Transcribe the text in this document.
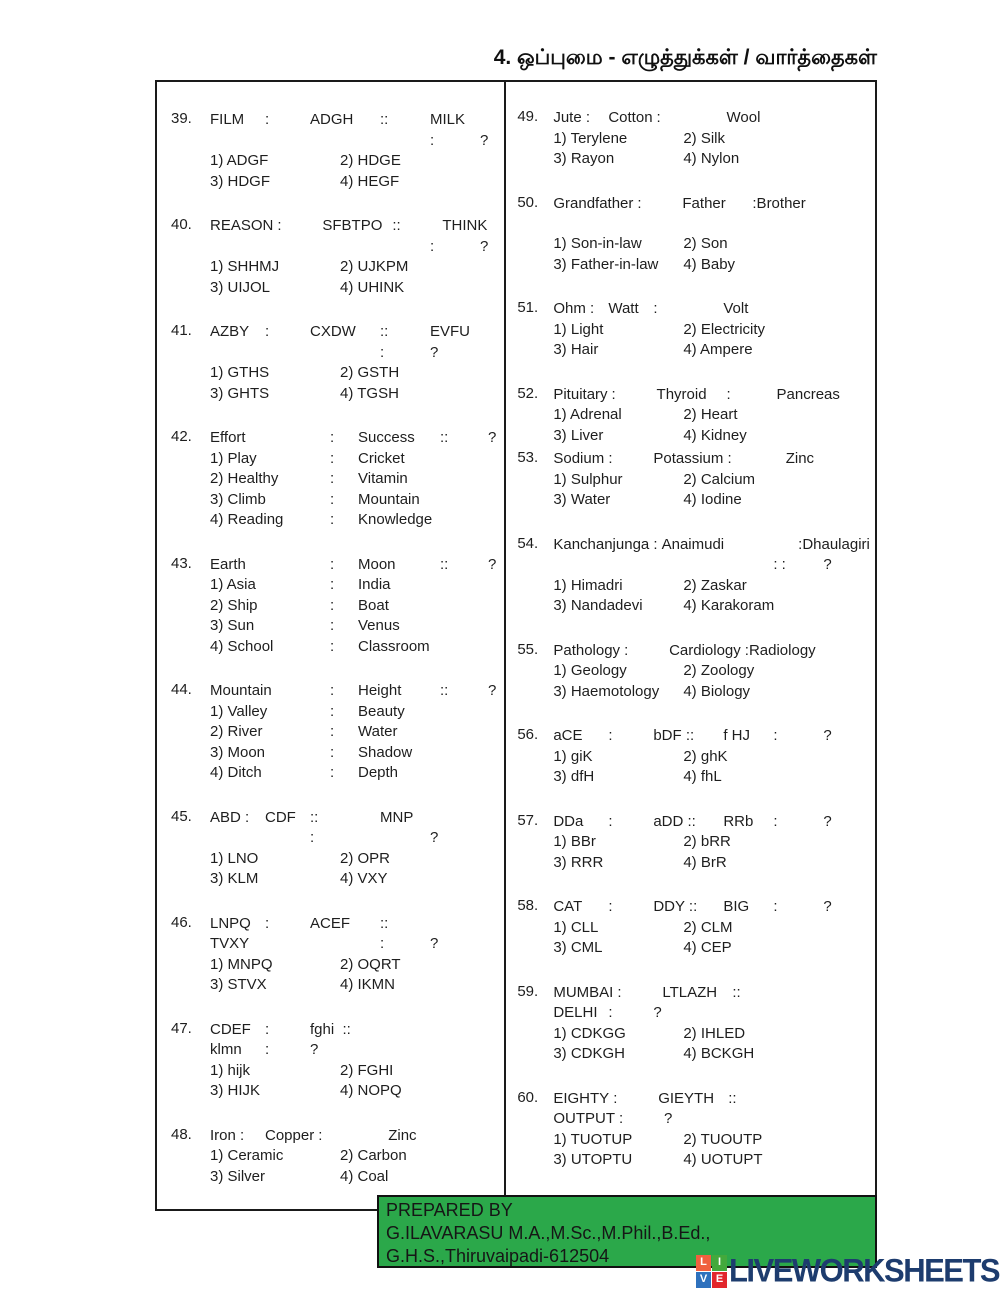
4. ஒப்புமை - எழுத்துக்கள் / வார்த்தைகள்
39.	FILM :	ADGH ::	MILK
:	?
1) ADGF	2) HDGE
3) HDGF	4) HEGF
40.	REASON :	SFBTPO ::	THINK
:	?
1) SHHMJ	2) UJKPM
3) UIJOL	4) UHINK
41.	AZBY :	CXDW ::	EVFU
:	?
1) GTHS	2) GSTH
3) GHTS	4) TGSH
42.	Effort	: Success ::	?
1) Play	: Cricket
2) Healthy	: Vitamin
3) Climb	: Mountain
4) Reading	: Knowledge
43.	Earth	: Moon	::	?
1) Asia	: India
2) Ship	: Boat
3) Sun	: Venus
4) School	: Classroom
44.	Mountain	: Height	::	?
1) Valley	: Beauty
2) River	: Water
3) Moon	: Shadow
4) Ditch	: Depth
45.	ABD : CDF ::	MNP
:	?
1) LNO	2) OPR
3) KLM	4) VXY
46.	LNPQ :	ACEF ::
TVXY	:	?
1) MNPQ	2) OQRT
3) STVX	4) IKMN
47.	CDEF :	fghi  ::
klmn :	?
1) hijk	2) FGHI
3) HIJK	4) NOPQ
48.	Iron : Copper :	Zinc
1) Ceramic	2) Carbon
3) Silver	4) Coal
49.	Jute : Cotton :	Wool
1) Terylene	2) Silk
3) Rayon	4) Nylon
50.	Grandfather :	Father :Brother
1) Son-in-law	2) Son
3) Father-in-law 4) Baby
51.	Ohm : Watt :	Volt
1) Light	2) Electricity
3) Hair	4) Ampere
52.	Pituitary :	Thyroid :	Pancreas
1) Adrenal	2) Heart
3) Liver	4) Kidney
53.	Sodium :	Potassium :	Zinc
1) Sulphur	2) Calcium
3) Water	4) Iodine
54.	Kanchanjunga : Anaimudi	:Dhaulagiri
: : ?
1) Himadri	2) Zaskar
3) Nandadevi	4) Karakoram
55.	Pathology :	Cardiology :Radiology
1) Geology	2) Zoology
3) Haemotology 4) Biology
56.	aCE :	bDF :: f HJ :	?
1) giK	2) ghK
3) dfH	4) fhL
57.	DDa :	aDD :: RRb :	?
1) BBr	2) bRR
3) RRR	4) BrR
58.	CAT :	DDY :: BIG :	?
1) CLL	2) CLM
3) CML	4) CEP
59.	MUMBAI :	LTLAZH ::
DELHI :	?
1) CDKGG	2) IHLED
3) CDKGH	4) BCKGH
60.	EIGHTY :	GIEYTH ::
OUTPUT :	?
1) TUOTUP	2) TUOUTP
3) UTOPTU	4) UOTUPT
PREPARED BY
G.ILAVARASU M.A.,M.Sc.,M.Phil.,B.Ed.,
G.H.S.,Thiruvaipadi-612504	L	I
V E LIVEWORKSHEETS
